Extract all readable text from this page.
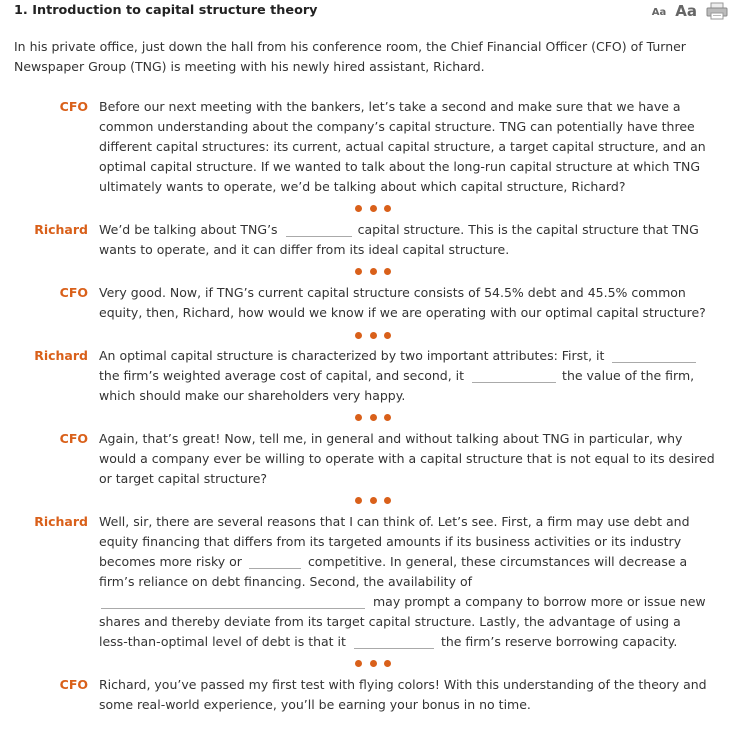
1. Introduction to capital structure theory	Aa Aa
In his private office, just down the hall from his conference room, the Chief Financial Officer (CFO) of Turner Newspaper Group (TNG) is meeting with his newly hired assistant, Richard.
CFO Before our next meeting with the bankers, let’s take a second and make sure that we have a
common understanding about the company’s capital structure. TNG can potentially have three
different capital structures: its current, actual capital structure, a target capital structure, and an
optimal capital structure. If we wanted to talk about the long-run capital structure at which TNG
ultimately wants to operate, we’d be talking about which capital structure, Richard?
Richard We’d be talking about TNG’s	capital structure. This is the capital structure that TNG
wants to operate, and it can differ from its ideal capital structure.
CFO Very good. Now, if TNG’s current capital structure consists of 54.5% debt and 45.5% common
equity, then, Richard, how would we know if we are operating with our optimal capital structure?
Richard An optimal capital structure is characterized by two important attributes: First, it
the firm’s weighted average cost of capital, and second, it	the value of the firm,
which should make our shareholders very happy.
CFO Again, that’s great! Now, tell me, in general and without talking about TNG in particular, why
would a company ever be willing to operate with a capital structure that is not equal to its desired
or target capital structure?
Richard Well, sir, there are several reasons that I can think of. Let’s see. First, a firm may use debt and
equity financing that differs from its targeted amounts if its business activities or its industry
becomes more risky or	competitive. In general, these circumstances will decrease a
firm’s reliance on debt financing. Second, the availability of
may prompt a company to borrow more or issue new
shares and thereby deviate from its target capital structure. Lastly, the advantage of using a
less-than-optimal level of debt is that it	the firm’s reserve borrowing capacity.
CFO Richard, you’ve passed my first test with flying colors! With this understanding of the theory and
some real-world experience, you’ll be earning your bonus in no time.
